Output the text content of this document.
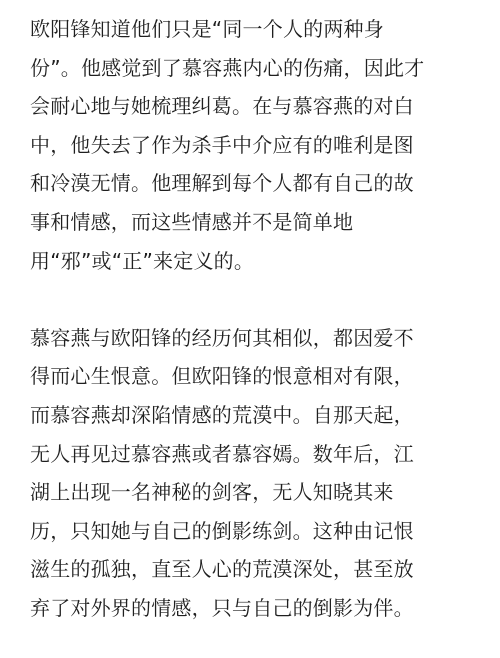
欧阳锋知道他们只是“同一个人的两种身
份”。他感觉到了慕容燕内心的伤痛，因此才
会耐心地与她梳理纠葛。在与慕容燕的对白
中，他失去了作为杀手中介应有的唯利是图
和冷漠无情。他理解到每个人都有自己的故
事和情感，而这些情感并不是简单地
用“邪”或“正”来定义的。
慕容燕与欧阳锋的经历何其相似，都因爱不
得而心生恨意。但欧阳锋的恨意相对有限，
而慕容燕却深陷情感的荒漠中。自那天起，
无人再见过慕容燕或者慕容嫣。数年后，江
湖上出现一名神秘的剑客，无人知晓其来
历，只知她与自己的倒影练剑。这种由记恨
滋生的孤独，直至人心的荒漠深处，甚至放
弃了对外界的情感，只与自己的倒影为伴。
